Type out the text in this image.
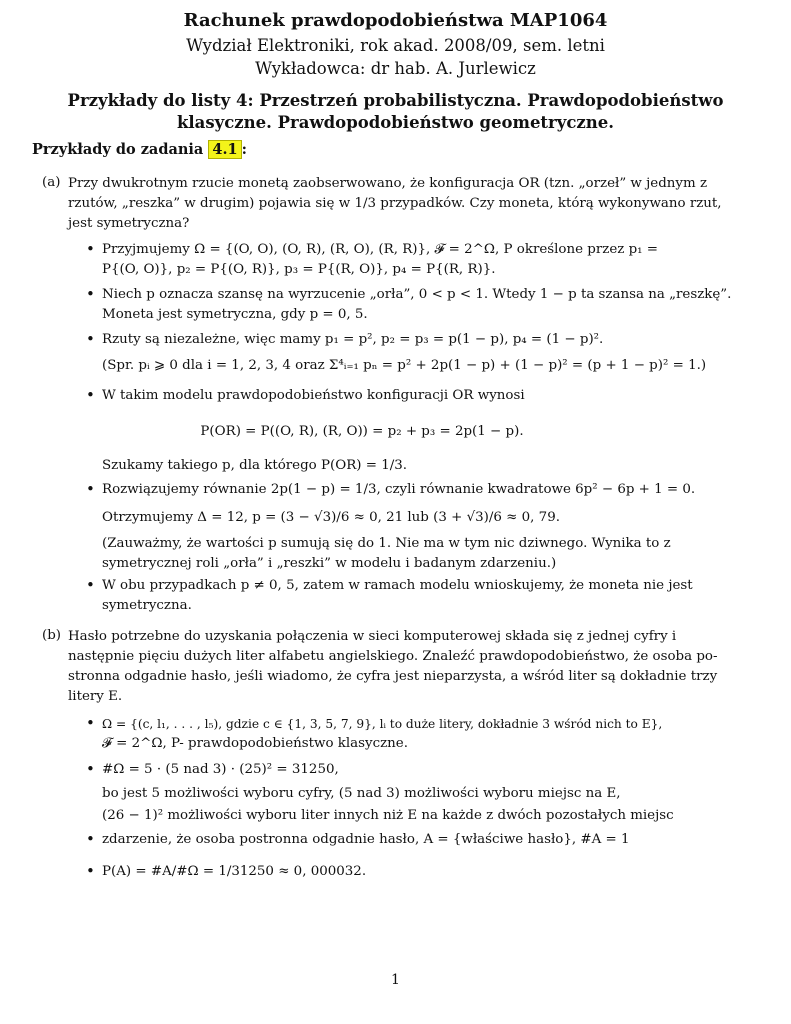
Rachunek prawdopodobieństwa MAP1064
Wydział Elektroniki, rok akad. 2008/09, sem. letni
Wykładowca: dr hab. A. Jurlewicz
Przykłady do listy 4: Przestrzeń probabilistyczna. Prawdopodobieństwo
klasyczne. Prawdopodobieństwo geometryczne.
Przykłady do zadania 4.1 :
(a) Przy dwukrotnym rzucie monetą zaobserwowano, że konfiguracja OR (tzn. „orzeł” w jednym z
rzutów, „reszka” w drugim) pojawia się w 1/3 przypadków. Czy moneta, którą wykonywano rzut,
jest symetryczna?
• Przyjmujemy Ω = {(O, O), (O, R), (R, O), (R, R)}, 𝓕 = 2^Ω, P określone przez p₁ =
P{(O, O)}, p₂ = P{(O, R)}, p₃ = P{(R, O)}, p₄ = P{(R, R)}.
• Niech p oznacza szansę na wyrzucenie „orła”, 0 < p < 1. Wtedy 1 − p ta szansa na „reszkę”.
Moneta jest symetryczna, gdy p = 0, 5.
• Rzuty są niezależne, więc mamy p₁ = p², p₂ = p₃ = p(1 − p), p₄ = (1 − p)².
(Spr. pᵢ ⩾ 0 dla i = 1, 2, 3, 4 oraz Σ⁴ᵢ₌₁ pₙ = p² + 2p(1 − p) + (1 − p)² = (p + 1 − p)² = 1.)
• W takim modelu prawdopodobieństwo konfiguracji OR wynosi
P(OR) = P((O, R), (R, O)) = p₂ + p₃ = 2p(1 − p).
Szukamy takiego p, dla którego P(OR) = 1/3.
• Rozwiązujemy równanie 2p(1 − p) = 1/3, czyli równanie kwadratowe 6p² − 6p + 1 = 0.
Otrzymujemy Δ = 12, p = (3 − √3)/6 ≈ 0, 21 lub (3 + √3)/6 ≈ 0, 79.
(Zauważmy, że wartości p sumują się do 1. Nie ma w tym nic dziwnego. Wynika to z
symetrycznej roli „orła” i „reszki” w modelu i badanym zdarzeniu.)
• W obu przypadkach p ≠ 0, 5, zatem w ramach modelu wnioskujemy, że moneta nie jest
symetryczna.
(b) Hasło potrzebne do uzyskania połączenia w sieci komputerowej składa się z jednej cyfry i
następnie pięciu dużych liter alfabetu angielskiego. Znaleźć prawdopodobieństwo, że osoba po-
stronna odgadnie hasło, jeśli wiadomo, że cyfra jest nieparzysta, a wśród liter są dokładnie trzy
litery E.
• Ω = {(c, l₁, . . . , l₅), gdzie c ∈ {1, 3, 5, 7, 9}, lᵢ to duże litery, dokładnie 3 wśród nich to E},
𝓕 = 2^Ω, P- prawdopodobieństwo klasyczne.
• #Ω = 5 · (5 nad 3) · (25)² = 31250,
bo jest 5 możliwości wyboru cyfry, (5 nad 3) możliwości wyboru miejsc na E,
(26 − 1)² możliwości wyboru liter innych niż E na każde z dwóch pozostałych miejsc
• zdarzenie, że osoba postronna odgadnie hasło, A = {właściwe hasło}, #A = 1
• P(A) = #A/#Ω = 1/31250 ≈ 0, 000032.
1
